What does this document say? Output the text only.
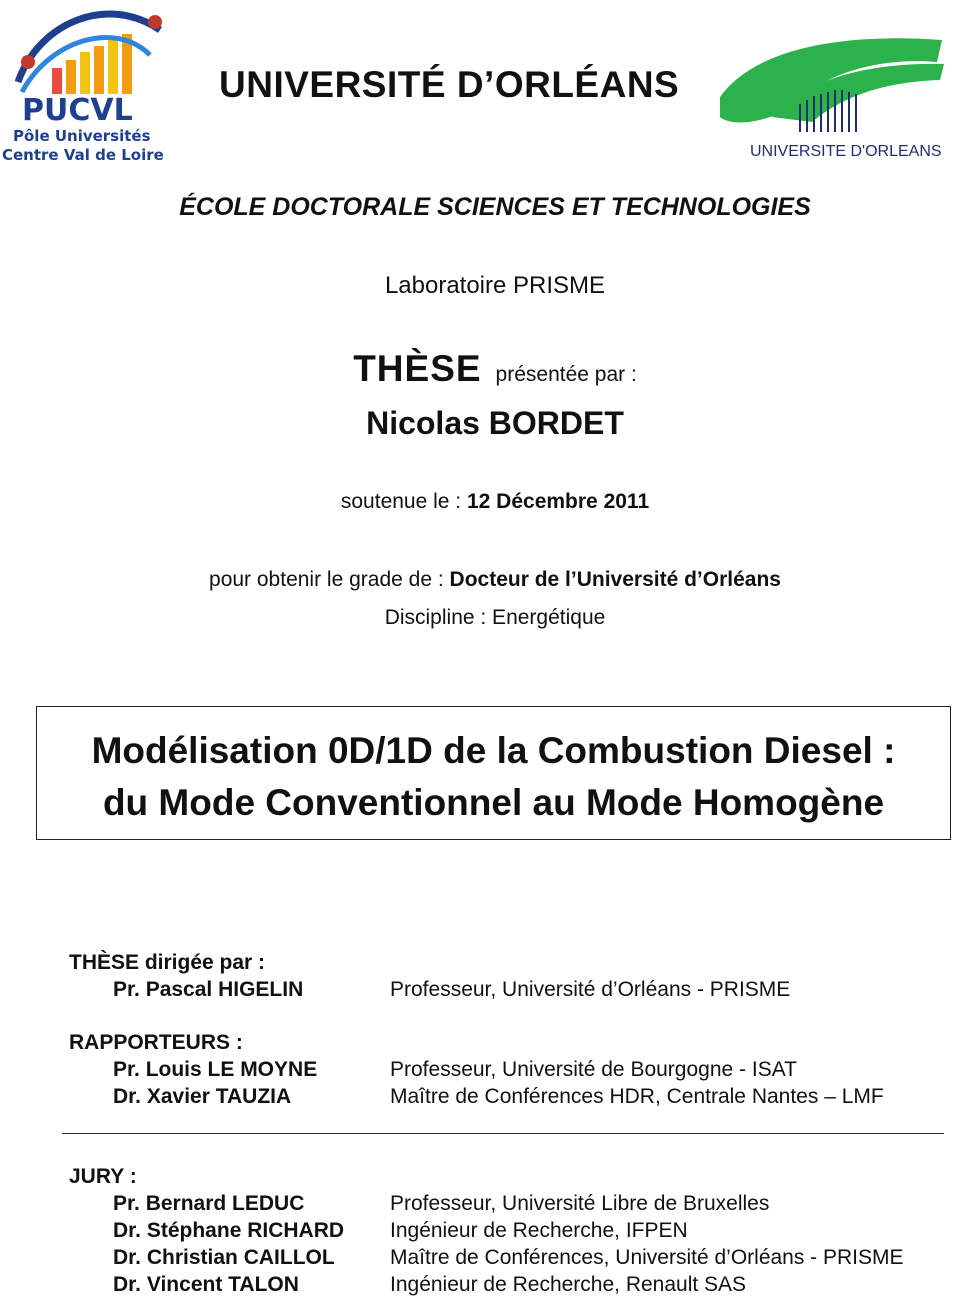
PUCVL
Pôle Universités
Centre Val de Loire
UNIVERSITÉ D’ORLÉANS
UNIVERSITE D'ORLEANS
ÉCOLE DOCTORALE SCIENCES ET TECHNOLOGIES
Laboratoire PRISME
THÈSE présentée par :
Nicolas BORDET
soutenue le : 12 Décembre 2011
pour obtenir le grade de : Docteur de l’Université d’Orléans
Discipline : Energétique
Modélisation 0D/1D de la Combustion Diesel :
du Mode Conventionnel au Mode Homogène
THÈSE dirigée par :
Pr. Pascal HIGELIN	Professeur, Université d’Orléans - PRISME
RAPPORTEURS :
Pr. Louis LE MOYNE	Professeur, Université de Bourgogne - ISAT
Dr. Xavier TAUZIA	Maître de Conférences HDR, Centrale Nantes – LMF
JURY :
Pr. Bernard LEDUC	Professeur, Université Libre de Bruxelles
Dr. Stéphane RICHARD Ingénieur de Recherche, IFPEN
Dr. Christian CAILLOL	Maître de Conférences, Université d’Orléans - PRISME
Dr. Vincent TALON	Ingénieur de Recherche, Renault SAS
